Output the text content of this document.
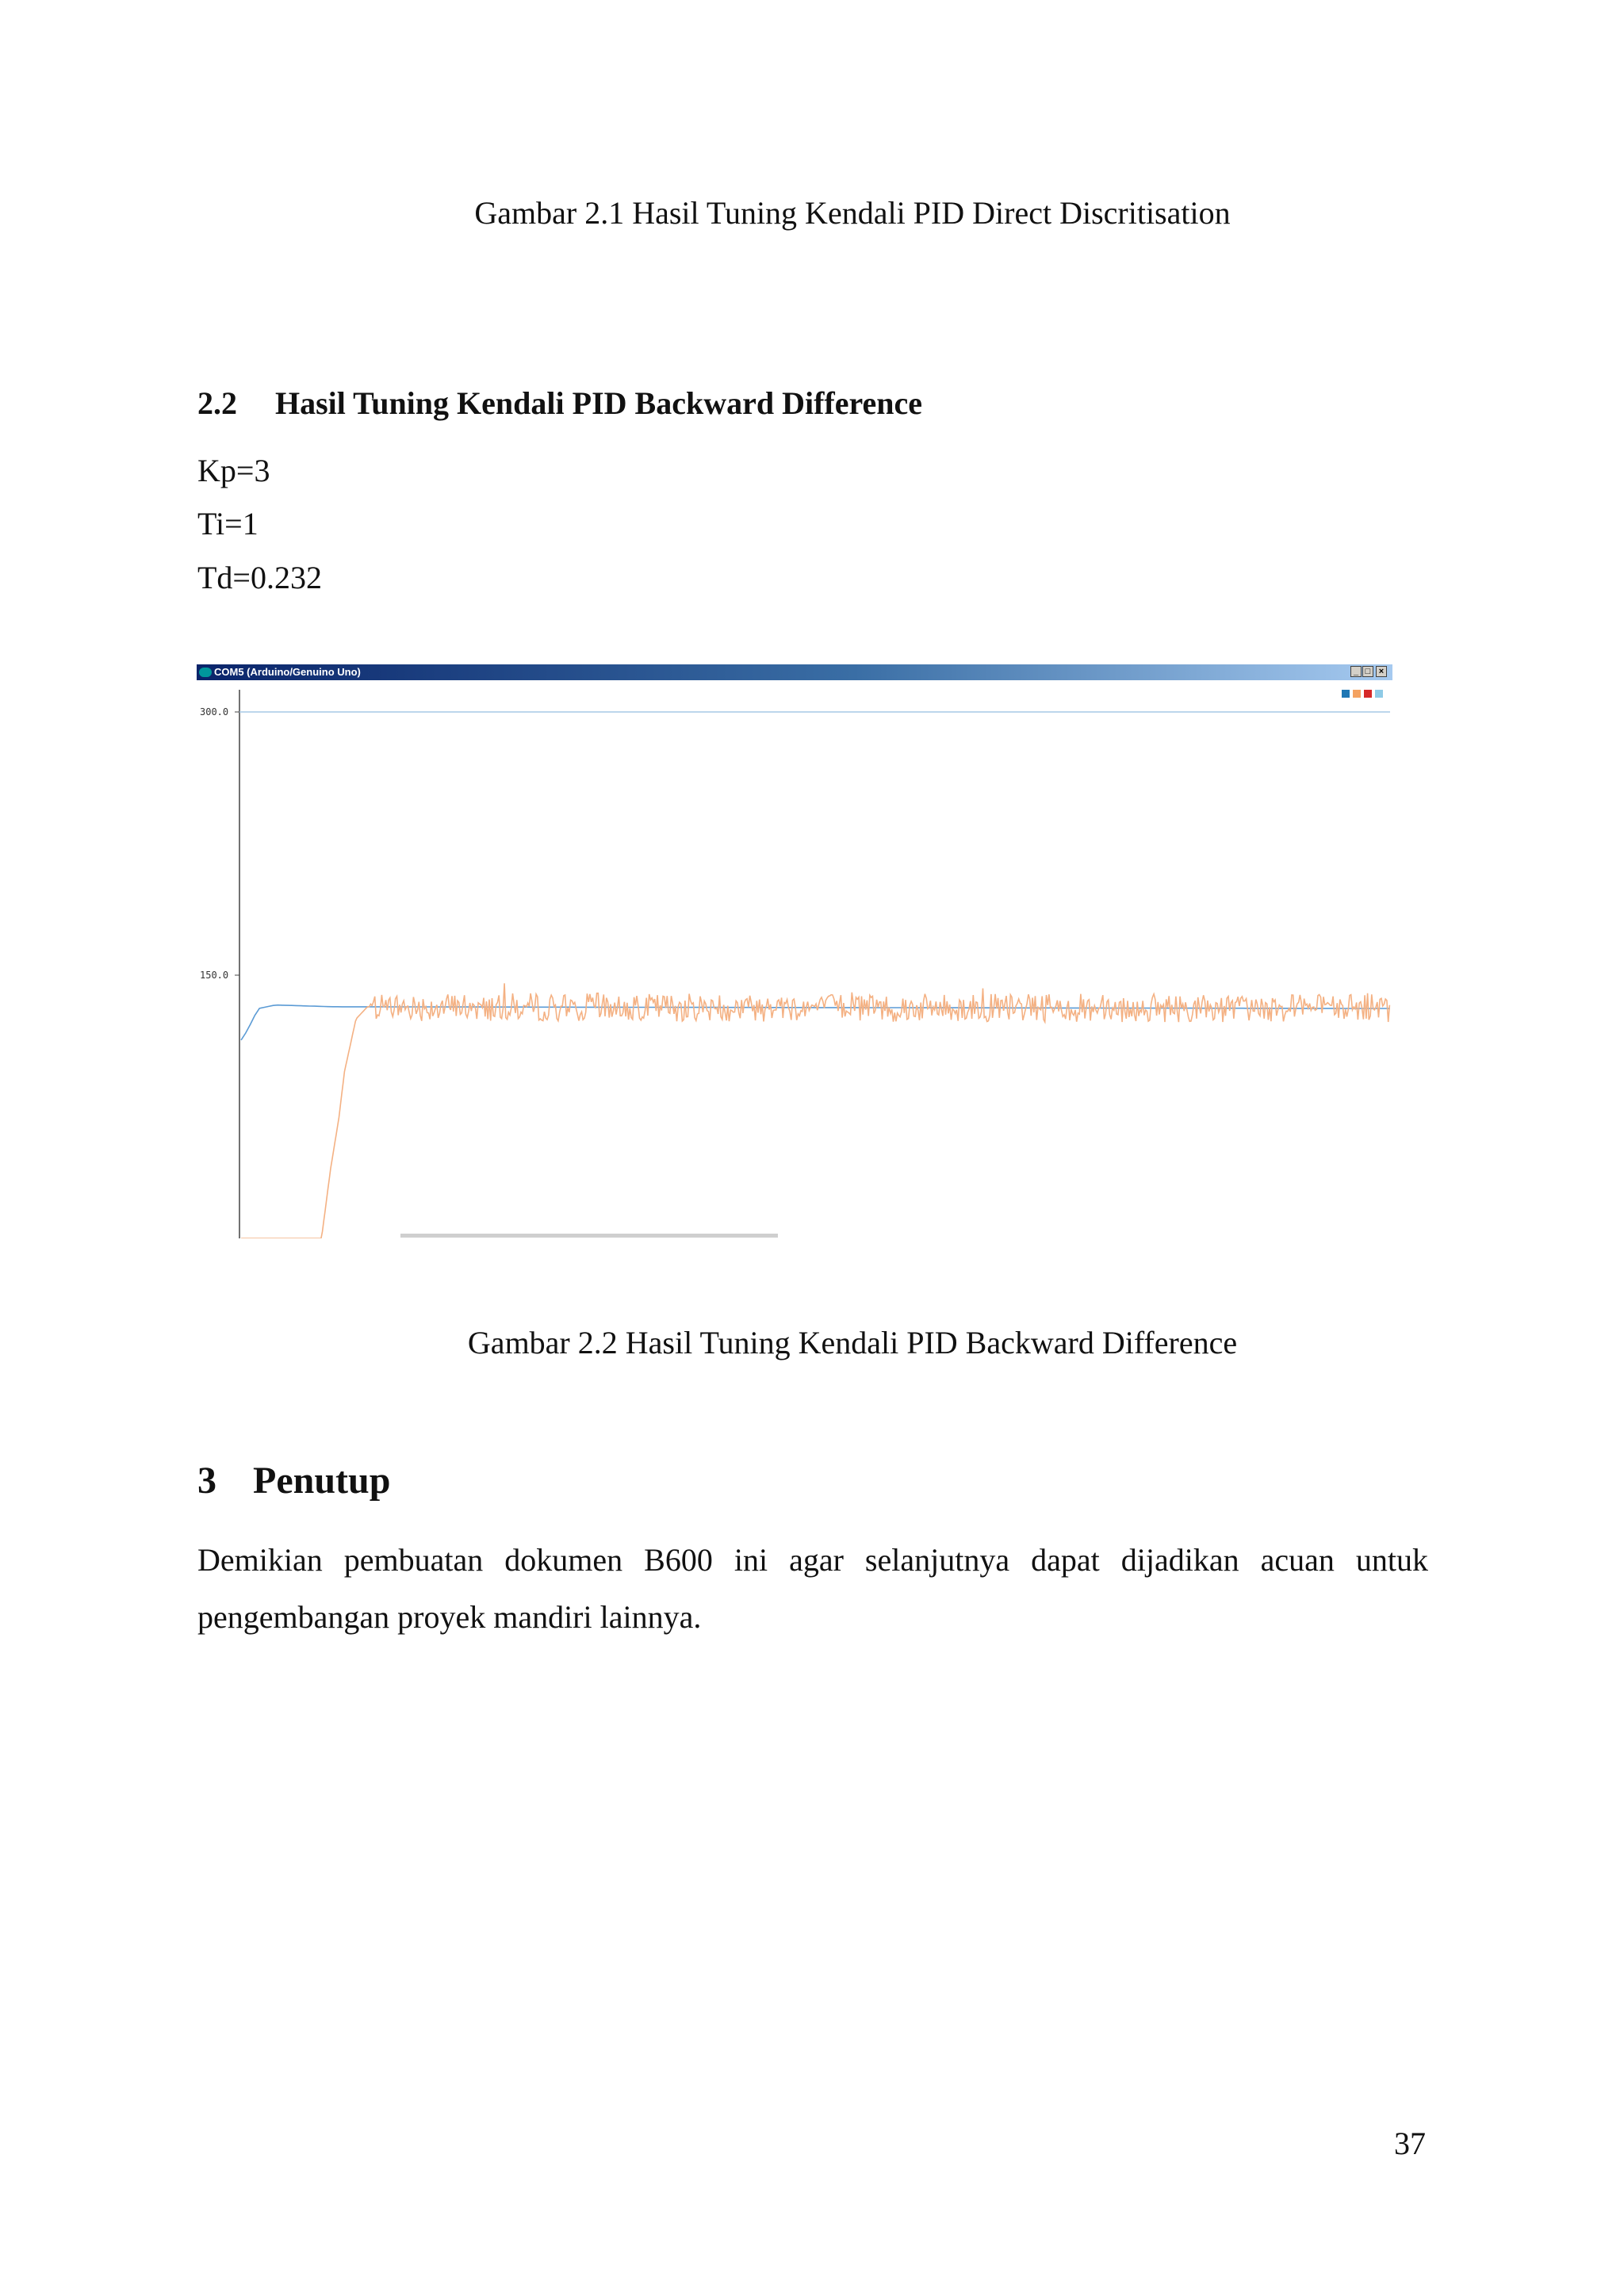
Gambar 2.1 Hasil Tuning Kendali PID Direct Discritisation
2.2 Hasil Tuning Kendali PID Backward Difference
Kp=3
Ti=1
Td=0.232
COM5 (Arduino/Genuino Uno)	_ □ ×
300.0
150.0
Gambar 2.2 Hasil Tuning Kendali PID Backward Difference
3 Penutup
Demikian pembuatan dokumen B600 ini agar selanjutnya dapat dijadikan acuan untuk pengembangan proyek mandiri lainnya.
37
